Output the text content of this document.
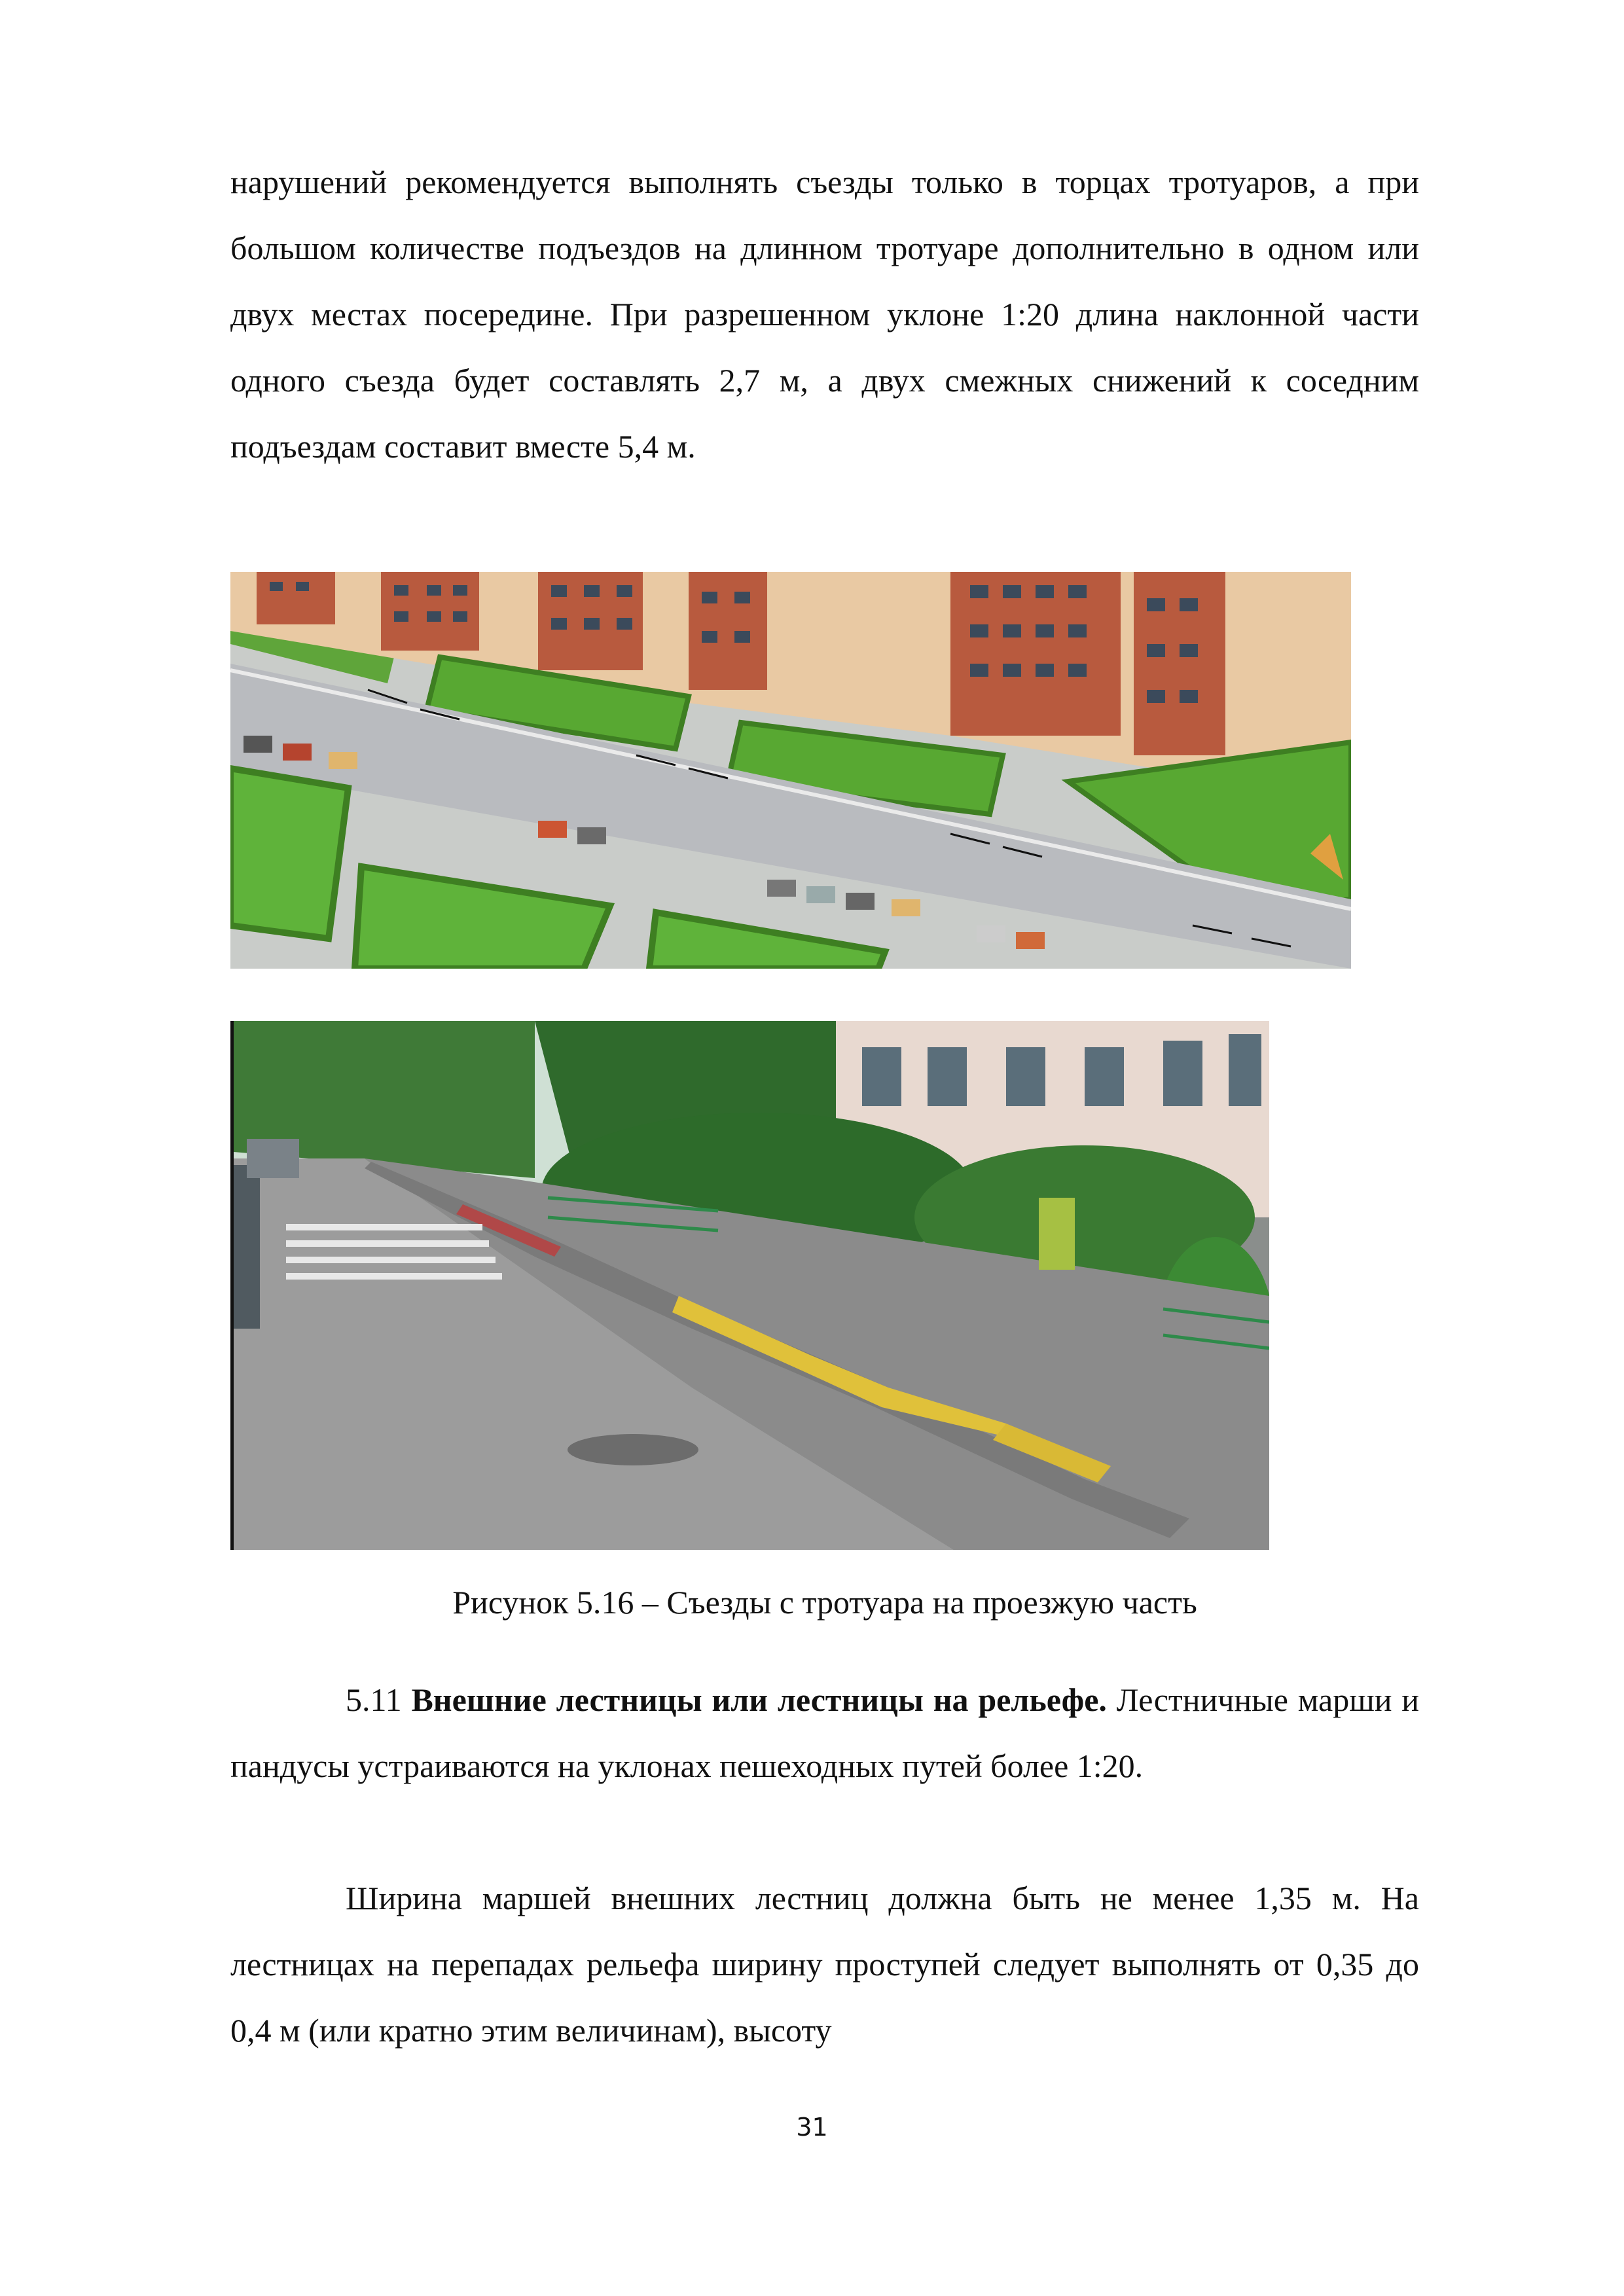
нарушений рекомендуется выполнять съезды только в торцах тротуаров, а при большом количестве подъездов на длинном тротуаре дополнительно в одном или двух местах посередине. При разрешенном уклоне 1:20 длина наклонной части одного съезда будет составлять 2,7 м, а двух смежных снижений к соседним подъездам составит вместе 5,4 м.

Рисунок 5.16 – Съезды с тротуара на проезжую часть

5.11 Внешние лестницы или лестницы на рельефе. Лестничные марши и пандусы устраиваются на уклонах пешеходных путей более 1:20.

Ширина маршей внешних лестниц должна быть не менее 1,35 м. На лестницах на перепадах рельефа ширину проступей следует выполнять от 0,35 до 0,4 м (или кратно этим величинам), высоту

31
